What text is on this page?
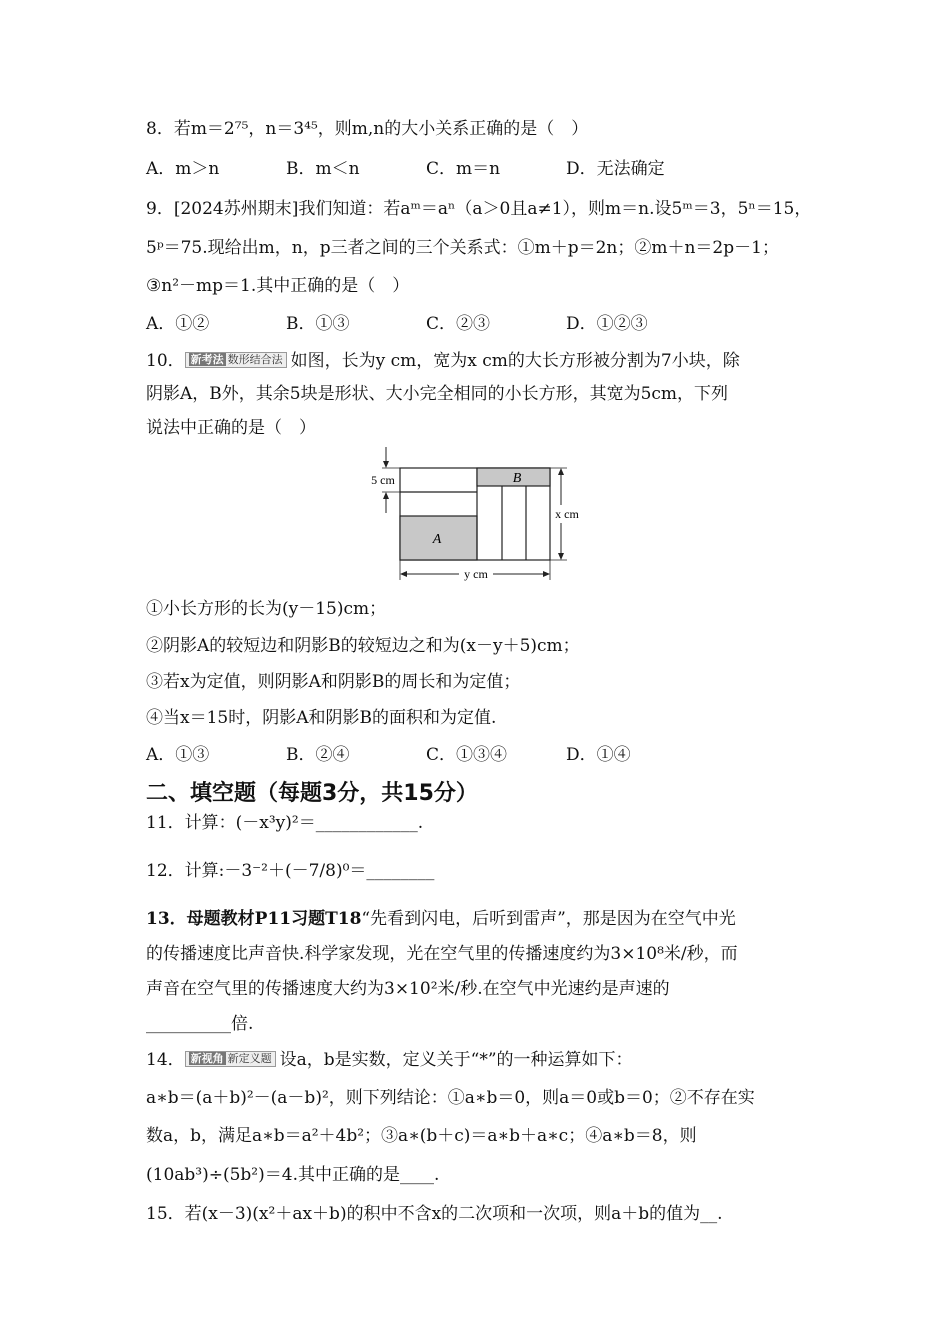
8．若m＝2⁷⁵，n＝3⁴⁵，则m,n的大小关系正确的是（　）
A．m＞n	B．m＜n	C．m＝n	D．无法确定
9．[2024苏州期末]我们知道：若aᵐ＝aⁿ（a＞0且a≠1），则m＝n.设5ᵐ＝3，5ⁿ＝15，
5ᵖ＝75.现给出m，n，p三者之间的三个关系式：①m＋p＝2n；②m＋n＝2p－1；
③n²－mp＝1.其中正确的是（　）
A．①②	B．①③	C．②③	D．①②③
10． 新考法 数形结合法 如图，长为y cm，宽为x cm的大长方形被分割为7小块，除
阴影A，B外，其余5块是形状、大小完全相同的小长方形，其宽为5cm，下列
说法中正确的是（　）
A
B
5 cm
x cm
y cm
①小长方形的长为(y－15)cm；
②阴影A的较短边和阴影B的较短边之和为(x－y＋5)cm；
③若x为定值，则阴影A和阴影B的周长和为定值；
④当x＝15时，阴影A和阴影B的面积和为定值.
A．①③	B．②④	C．①③④	D．①④
二、填空题（每题3分，共15分）
11．计算：(－x³y)²＝____________.
12．计算:－3⁻²＋(－7/8)⁰＝________
13．母题教材P11习题T18“先看到闪电，后听到雷声”，那是因为在空气中光
的传播速度比声音快.科学家发现，光在空气里的传播速度约为3×10⁸米/秒，而
声音在空气里的传播速度大约为3×10²米/秒.在空气中光速约是声速的
__________倍.
14． 新视角 新定义题 设a，b是实数，定义关于“*”的一种运算如下：
a∗b＝(a＋b)²－(a－b)²，则下列结论：①a∗b＝0，则a＝0或b＝0；②不存在实
数a，b，满足a∗b＝a²＋4b²；③a∗(b＋c)＝a∗b＋a∗c；④a∗b＝8，则
(10ab³)÷(5b²)＝4.其中正确的是____.
15．若(x－3)(x²＋ax＋b)的积中不含x的二次项和一次项，则a＋b的值为__.
